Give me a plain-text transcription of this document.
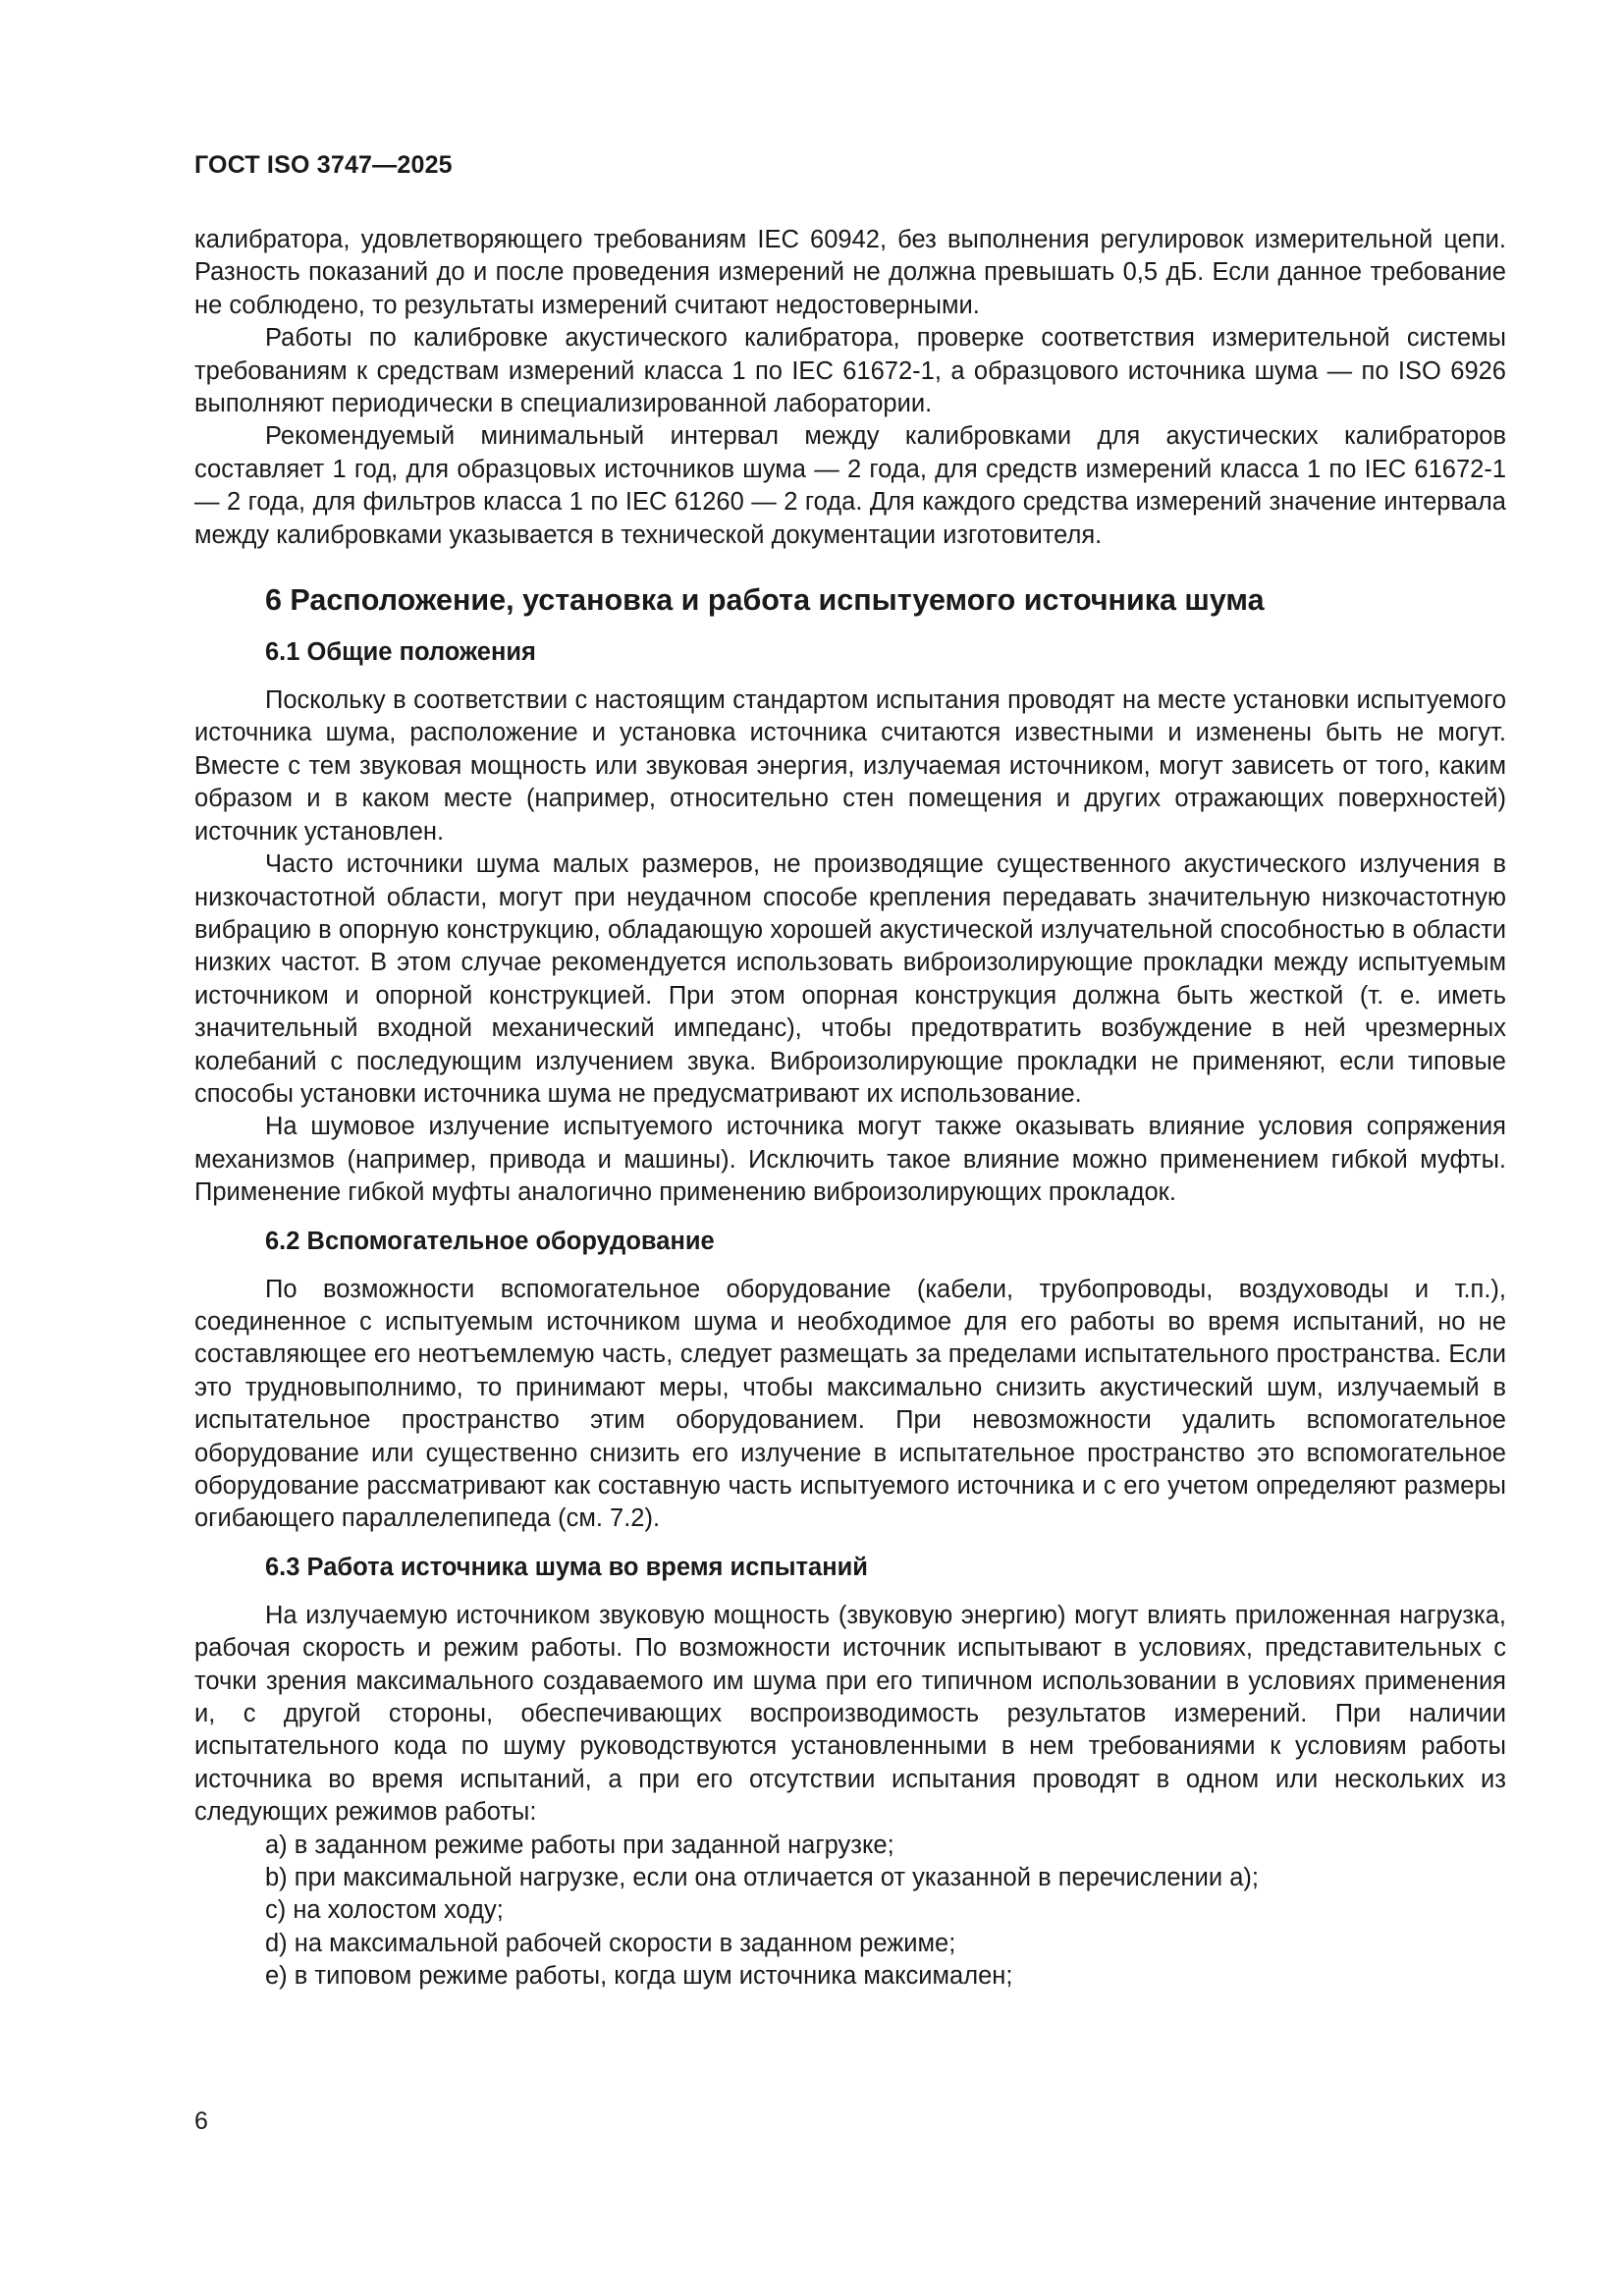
ГОСТ ISO 3747—2025

калибратора, удовлетворяющего требованиям IEC 60942, без выполнения регулировок измерительной цепи. Разность показаний до и после проведения измерений не должна превышать 0,5 дБ. Если данное требование не соблюдено, то результаты измерений считают недостоверными.

Работы по калибровке акустического калибратора, проверке соответствия измерительной системы требованиям к средствам измерений класса 1 по IEC 61672-1, а образцового источника шума — по ISO 6926 выполняют периодически в специализированной лаборатории.

Рекомендуемый минимальный интервал между калибровками для акустических калибраторов составляет 1 год, для образцовых источников шума — 2 года, для средств измерений класса 1 по IEC 61672-1 — 2 года, для фильтров класса 1 по IEC 61260 — 2 года. Для каждого средства измерений значение интервала между калибровками указывается в технической документации изготовителя.

6 Расположение, установка и работа испытуемого источника шума
6.1 Общие положения

Поскольку в соответствии с настоящим стандартом испытания проводят на месте установки испытуемого источника шума, расположение и установка источника считаются известными и изменены быть не могут. Вместе с тем звуковая мощность или звуковая энергия, излучаемая источником, могут зависеть от того, каким образом и в каком месте (например, относительно стен помещения и других отражающих поверхностей) источник установлен.

Часто источники шума малых размеров, не производящие существенного акустического излучения в низкочастотной области, могут при неудачном способе крепления передавать значительную низкочастотную вибрацию в опорную конструкцию, обладающую хорошей акустической излучательной способностью в области низких частот. В этом случае рекомендуется использовать виброизолирующие прокладки между испытуемым источником и опорной конструкцией. При этом опорная конструкция должна быть жесткой (т. е. иметь значительный входной механический импеданс), чтобы предотвратить возбуждение в ней чрезмерных колебаний с последующим излучением звука. Виброизолирующие прокладки не применяют, если типовые способы установки источника шума не предусматривают их использование.

На шумовое излучение испытуемого источника могут также оказывать влияние условия сопряжения механизмов (например, привода и машины). Исключить такое влияние можно применением гибкой муфты. Применение гибкой муфты аналогично применению виброизолирующих прокладок.

6.2 Вспомогательное оборудование

По возможности вспомогательное оборудование (кабели, трубопроводы, воздуховоды и т.п.), соединенное с испытуемым источником шума и необходимое для его работы во время испытаний, но не составляющее его неотъемлемую часть, следует размещать за пределами испытательного пространства. Если это трудновыполнимо, то принимают меры, чтобы максимально снизить акустический шум, излучаемый в испытательное пространство этим оборудованием. При невозможности удалить вспомогательное оборудование или существенно снизить его излучение в испытательное пространство это вспомогательное оборудование рассматривают как составную часть испытуемого источника и с его учетом определяют размеры огибающего параллелепипеда (см. 7.2).

6.3 Работа источника шума во время испытаний

На излучаемую источником звуковую мощность (звуковую энергию) могут влиять приложенная нагрузка, рабочая скорость и режим работы. По возможности источник испытывают в условиях, представительных с точки зрения максимального создаваемого им шума при его типичном использовании в условиях применения и, с другой стороны, обеспечивающих воспроизводимость результатов измерений. При наличии испытательного кода по шуму руководствуются установленными в нем требованиями к условиям работы источника во время испытаний, а при его отсутствии испытания проводят в одном или нескольких из следующих режимов работы:

а) в заданном режиме работы при заданной нагрузке;
b) при максимальной нагрузке, если она отличается от указанной в перечислении а);
c) на холостом ходу;
d) на максимальной рабочей скорости в заданном режиме;
e) в типовом режиме работы, когда шум источника максимален;

6
